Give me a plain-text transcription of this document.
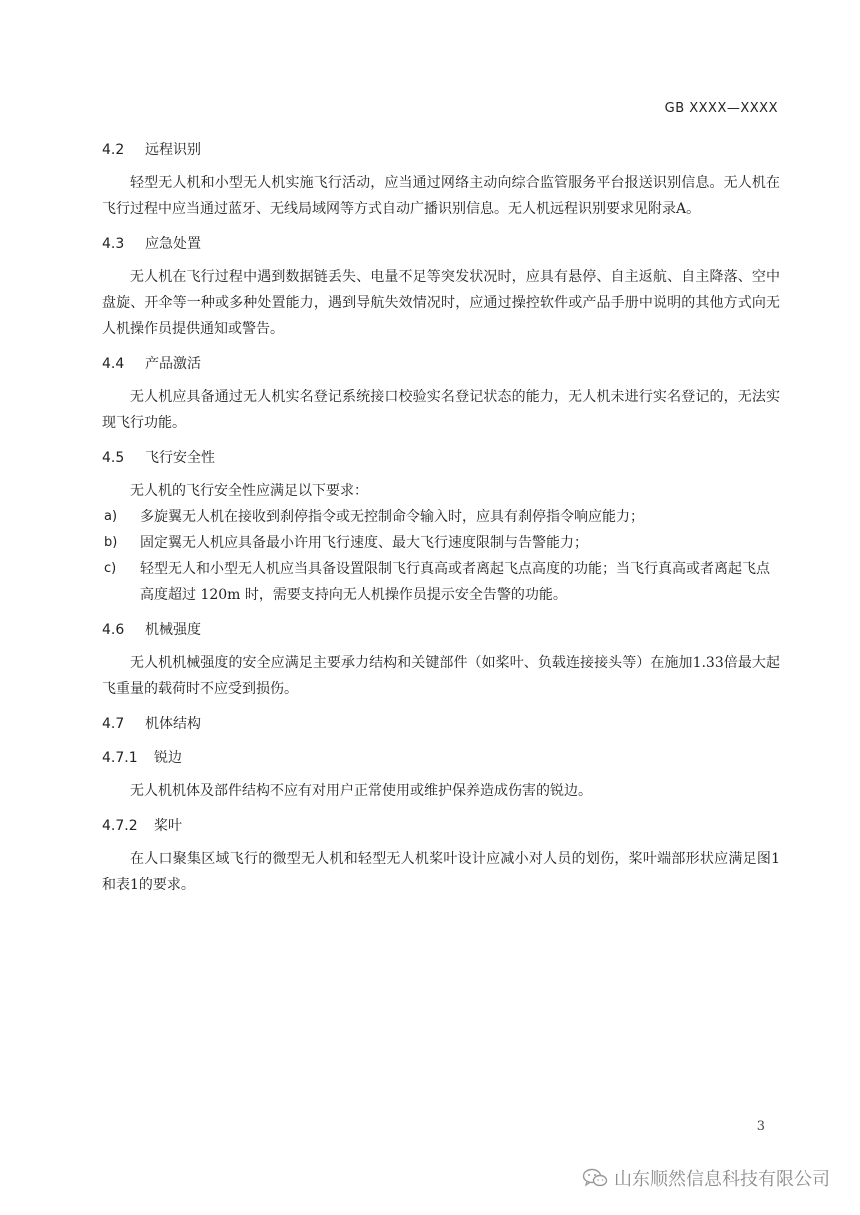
GB XXXX—XXXX
4.2 远程识别

轻型无人机和小型无人机实施飞行活动，应当通过网络主动向综合监管服务平台报送识别信息。无人机在飞行过程中应当通过蓝牙、无线局域网等方式自动广播识别信息。无人机远程识别要求见附录A。

4.3 应急处置

无人机在飞行过程中遇到数据链丢失、电量不足等突发状况时，应具有悬停、自主返航、自主降落、空中盘旋、开伞等一种或多种处置能力，遇到导航失效情况时，应通过操控软件或产品手册中说明的其他方式向无人机操作员提供通知或警告。

4.4 产品激活

无人机应具备通过无人机实名登记系统接口校验实名登记状态的能力，无人机未进行实名登记的，无法实现飞行功能。

4.5 飞行安全性

无人机的飞行安全性应满足以下要求：

a) 多旋翼无人机在接收到刹停指令或无控制命令输入时，应具有刹停指令响应能力；
b) 固定翼无人机应具备最小许用飞行速度、最大飞行速度限制与告警能力；
c) 轻型无人和小型无人机应当具备设置限制飞行真高或者离起飞点高度的功能；当飞行真高或者离起飞点高度超过 120m 时，需要支持向无人机操作员提示安全告警的功能。
4.6 机械强度

无人机机械强度的安全应满足主要承力结构和关键部件（如桨叶、负载连接接头等）在施加1.33倍最大起飞重量的载荷时不应受到损伤。

4.7 机体结构
4.7.1 锐边

无人机机体及部件结构不应有对用户正常使用或维护保养造成伤害的锐边。

4.7.2 桨叶

在人口聚集区域飞行的微型无人机和轻型无人机桨叶设计应减小对人员的划伤，桨叶端部形状应满足图1和表1的要求。

3
山东顺然信息科技有限公司
